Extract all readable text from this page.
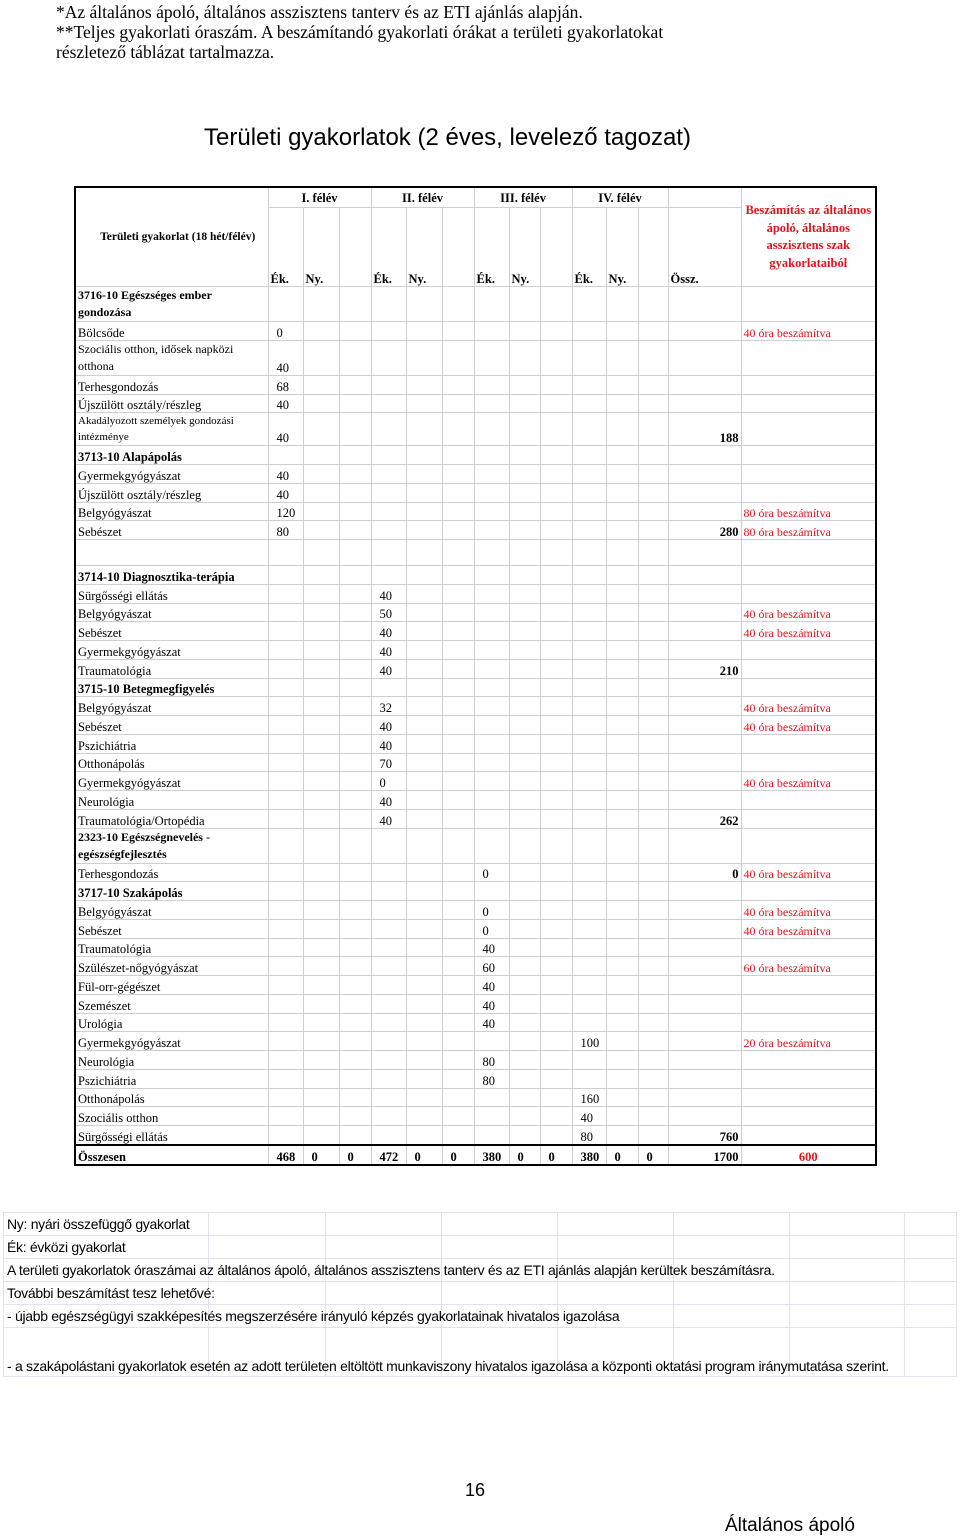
*Az általános ápoló, általános asszisztens tanterv és az ETI ajánlás alapján.
**Teljes gyakorlati óraszám. A beszámítandó gyakorlati órákat a területi gyakorlatokat
részletező táblázat tartalmazza.
Területi gyakorlatok (2 éves, levelező tagozat)
Területi gyakorlat (18 hét/félév)	I. félév			II. félév			III. félév			IV. félév				Beszámítás az általános ápoló, általános asszisztens szak gyakorlataiból
	Ék.	Ny.		Ék.	Ny.		Ék.	Ny.		Ék.	Ny.		Össz.	
3716-10 Egészséges ember gondozása														
Bölcsőde	0													40 óra beszámítva
Szociális otthon, idősek napközi otthona	40													
Terhesgondozás	68													
Újszülött osztály/részleg	40													
Akadályozott személyek gondozási intézménye	40												188	
3713-10 Alapápolás														
Gyermekgyógyászat	40													
Újszülött osztály/részleg	40													
Belgyógyászat	120													80 óra beszámítva
Sebészet	80												280	80 óra beszámítva

3714-10 Diagnosztika-terápia														
Sürgősségi ellátás				40										
Belgyógyászat				50										40 óra beszámítva
Sebészet				40										40 óra beszámítva
Gyermekgyógyászat				40										
Traumatológia				40									210	
3715-10 Betegmegfigyelés														
Belgyógyászat				32										40 óra beszámítva
Sebészet				40										40 óra beszámítva
Pszichiátria				40										
Otthonápolás				70										
Gyermekgyógyászat				0										40 óra beszámítva
Neurológia				40										
Traumatológia/Ortopédia				40									262	
2323-10 Egészségnevelés - egészségfejlesztés														
Terhesgondozás							0						0	40 óra beszámítva
3717-10 Szakápolás														
Belgyógyászat							0							40 óra beszámítva
Sebészet							0							40 óra beszámítva
Traumatológia							40							
Szülészet-nőgyógyászat							60							60 óra beszámítva
Fül-orr-gégészet							40							
Szemészet							40							
Urológia							40							
Gyermekgyógyászat										100				20 óra beszámítva
Neurológia							80							
Pszichiátria							80							
Otthonápolás										160				
Szociális otthon										40				
Sürgősségi ellátás										80			760	
Összesen	468	0	0	472	0	0	380	0	0	380	0	0	1700	600
Ny: nyári összefüggő gyakorlat							
Ék: évközi gyakorlat							
A területi gyakorlatok óraszámai az általános ápoló, általános asszisztens tanterv és az ETI ajánlás alapján kerültek beszámításra.							
További beszámítást tesz lehetővé:							
- újabb egészségügyi szakképesítés megszerzésére irányuló képzés gyakorlatainak hivatalos igazolása							
- a szakápolástani gyakorlatok esetén az adott területen eltöltött munkaviszony hivatalos igazolása a központi oktatási program iránymutatása szerint.							
16
Általános ápoló
